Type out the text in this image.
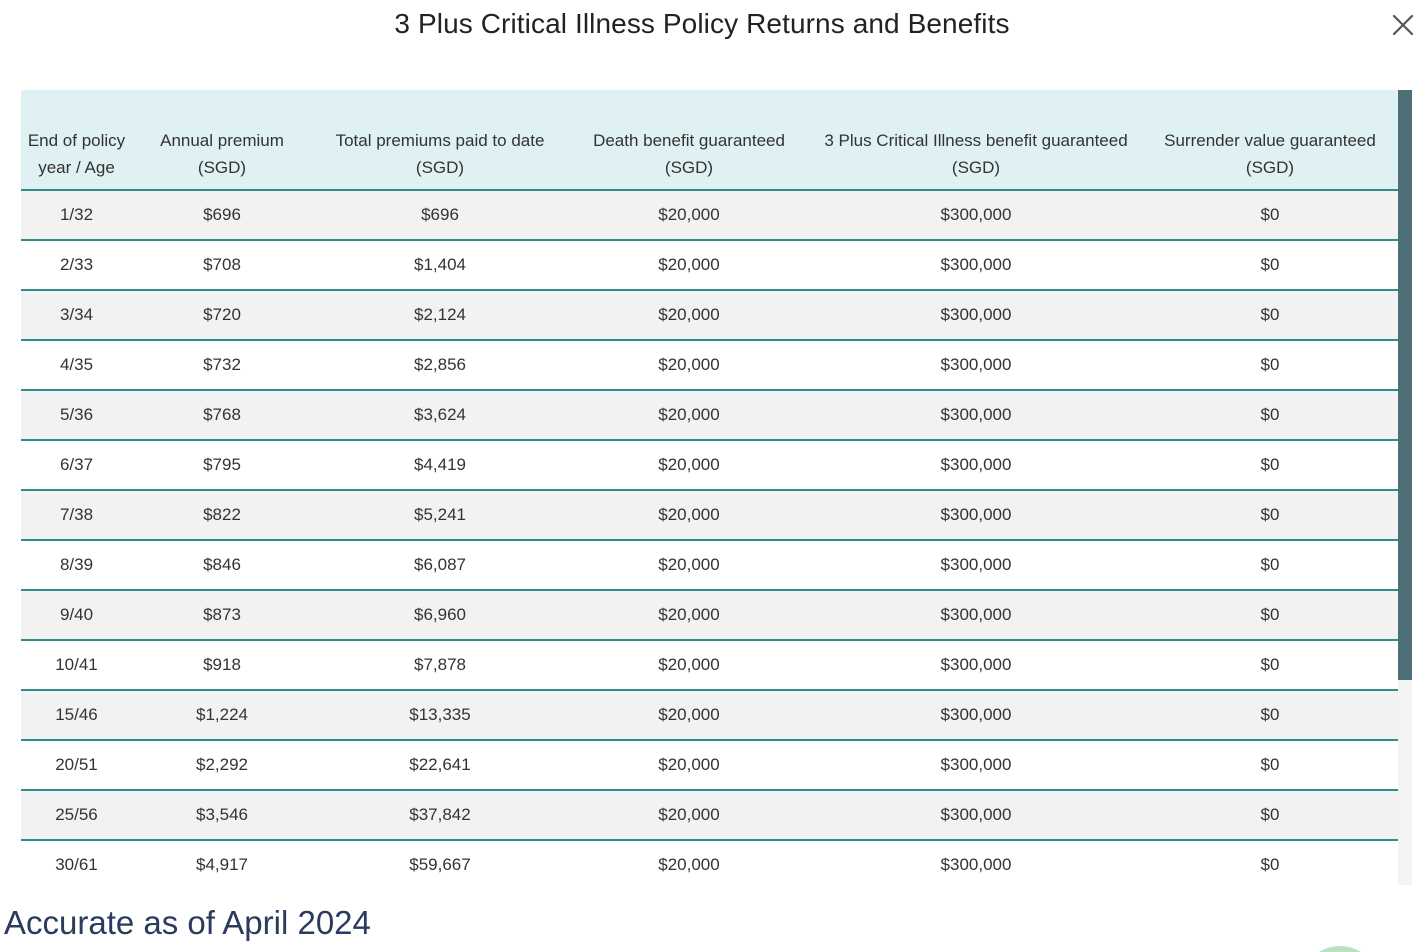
3 Plus Critical Illness Policy Returns and Benefits
End of policy year / Age	Annual premium (SGD)	Total premiums paid to date (SGD)	Death benefit guaranteed (SGD)	3 Plus Critical Illness benefit guaranteed (SGD)	Surrender value guaranteed (SGD)
1/32	$696	$696	$20,000	$300,000	$0
2/33	$708	$1,404	$20,000	$300,000	$0
3/34	$720	$2,124	$20,000	$300,000	$0
4/35	$732	$2,856	$20,000	$300,000	$0
5/36	$768	$3,624	$20,000	$300,000	$0
6/37	$795	$4,419	$20,000	$300,000	$0
7/38	$822	$5,241	$20,000	$300,000	$0
8/39	$846	$6,087	$20,000	$300,000	$0
9/40	$873	$6,960	$20,000	$300,000	$0
10/41	$918	$7,878	$20,000	$300,000	$0
15/46	$1,224	$13,335	$20,000	$300,000	$0
20/51	$2,292	$22,641	$20,000	$300,000	$0
25/56	$3,546	$37,842	$20,000	$300,000	$0
30/61	$4,917	$59,667	$20,000	$300,000	$0
Accurate as of April 2024
